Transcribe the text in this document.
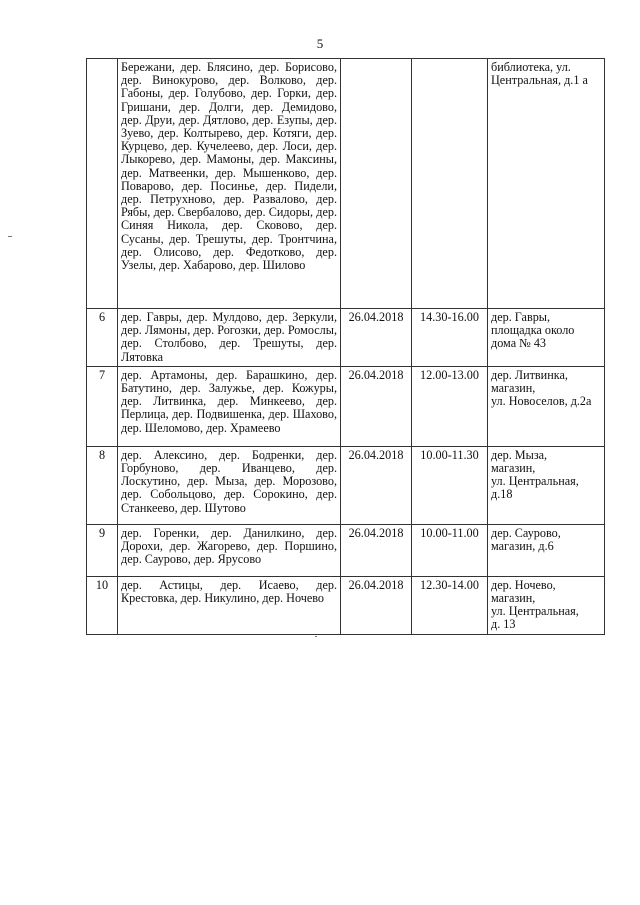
5
	Бережани, дер. Блясино, дер. Борисово, дер. Винокурово, дер. Волково, дер. Габоны, дер. Голубово, дер. Горки, дер. Гришани, дер. Долги, дер. Демидово, дер. Друи, дер. Дятлово, дер. Езупы, дер. Зуево, дер. Колтырево, дер. Котяги, дер. Курцево, дер. Кучелеево, дер. Лоси, дер. Лыкорево, дер. Мамоны, дер. Максины, дер. Матвеенки, дер. Мышенково, дер. Поварово, дер. Посинье, дер. Пидели, дер. Петрухново, дер. Развалово, дер. Рябы, дер. Свербалово, дер. Сидоры, дер. Синяя Никола, дер. Сковово, дер. Сусаны, дер. Трешуты, дер. Тронтчина, дер. Олисово, дер. Федотково, дер. Узелы, дер. Хабарово, дер. Шилово			библиотека, ул. Центральная, д.1 а

6	дер. Гавры, дер. Мулдово, дер. Зеркули, дер. Лямоны, дер. Рогозки, дер. Ромослы, дер. Столбово, дер. Трешуты, дер. Лятовка	26.04.2018	14.30-16.00	дер. Гавры,
площадка около
дома № 43

7	дер. Артамоны, дер. Барашкино, дер. Батутино, дер. Залужье, дер. Кожуры, дер. Литвинка, дер. Минкеево, дер. Перлица, дер. Подвишенка, дер. Шахово, дер. Шеломово, дер. Храмеево	26.04.2018	12.00-13.00	дер. Литвинка,
магазин,
ул. Новоселов, д.2а

8	дер. Алексино, дер. Бодренки, дер. Горбуново, дер. Иванцево, дер. Лоскутино, дер. Мыза, дер. Морозово, дер. Собольцово, дер. Сорокино, дер. Станкеево, дер. Шутово	26.04.2018	10.00-11.30	дер. Мыза,
магазин,
ул. Центральная,
д.18

9	дер. Горенки, дер. Данилкино, дер. Дорохи, дер. Жагорево, дер. Поршино, дер. Саурово, дер. Ярусово	26.04.2018	10.00-11.00	дер. Саурово,
магазин, д.6

10	дер. Астицы, дер. Исаево, дер. Крестовка, дер. Никулино, дер. Ночево	26.04.2018	12.30-14.00	дер. Ночево,
магазин,
ул. Центральная,
д. 13
